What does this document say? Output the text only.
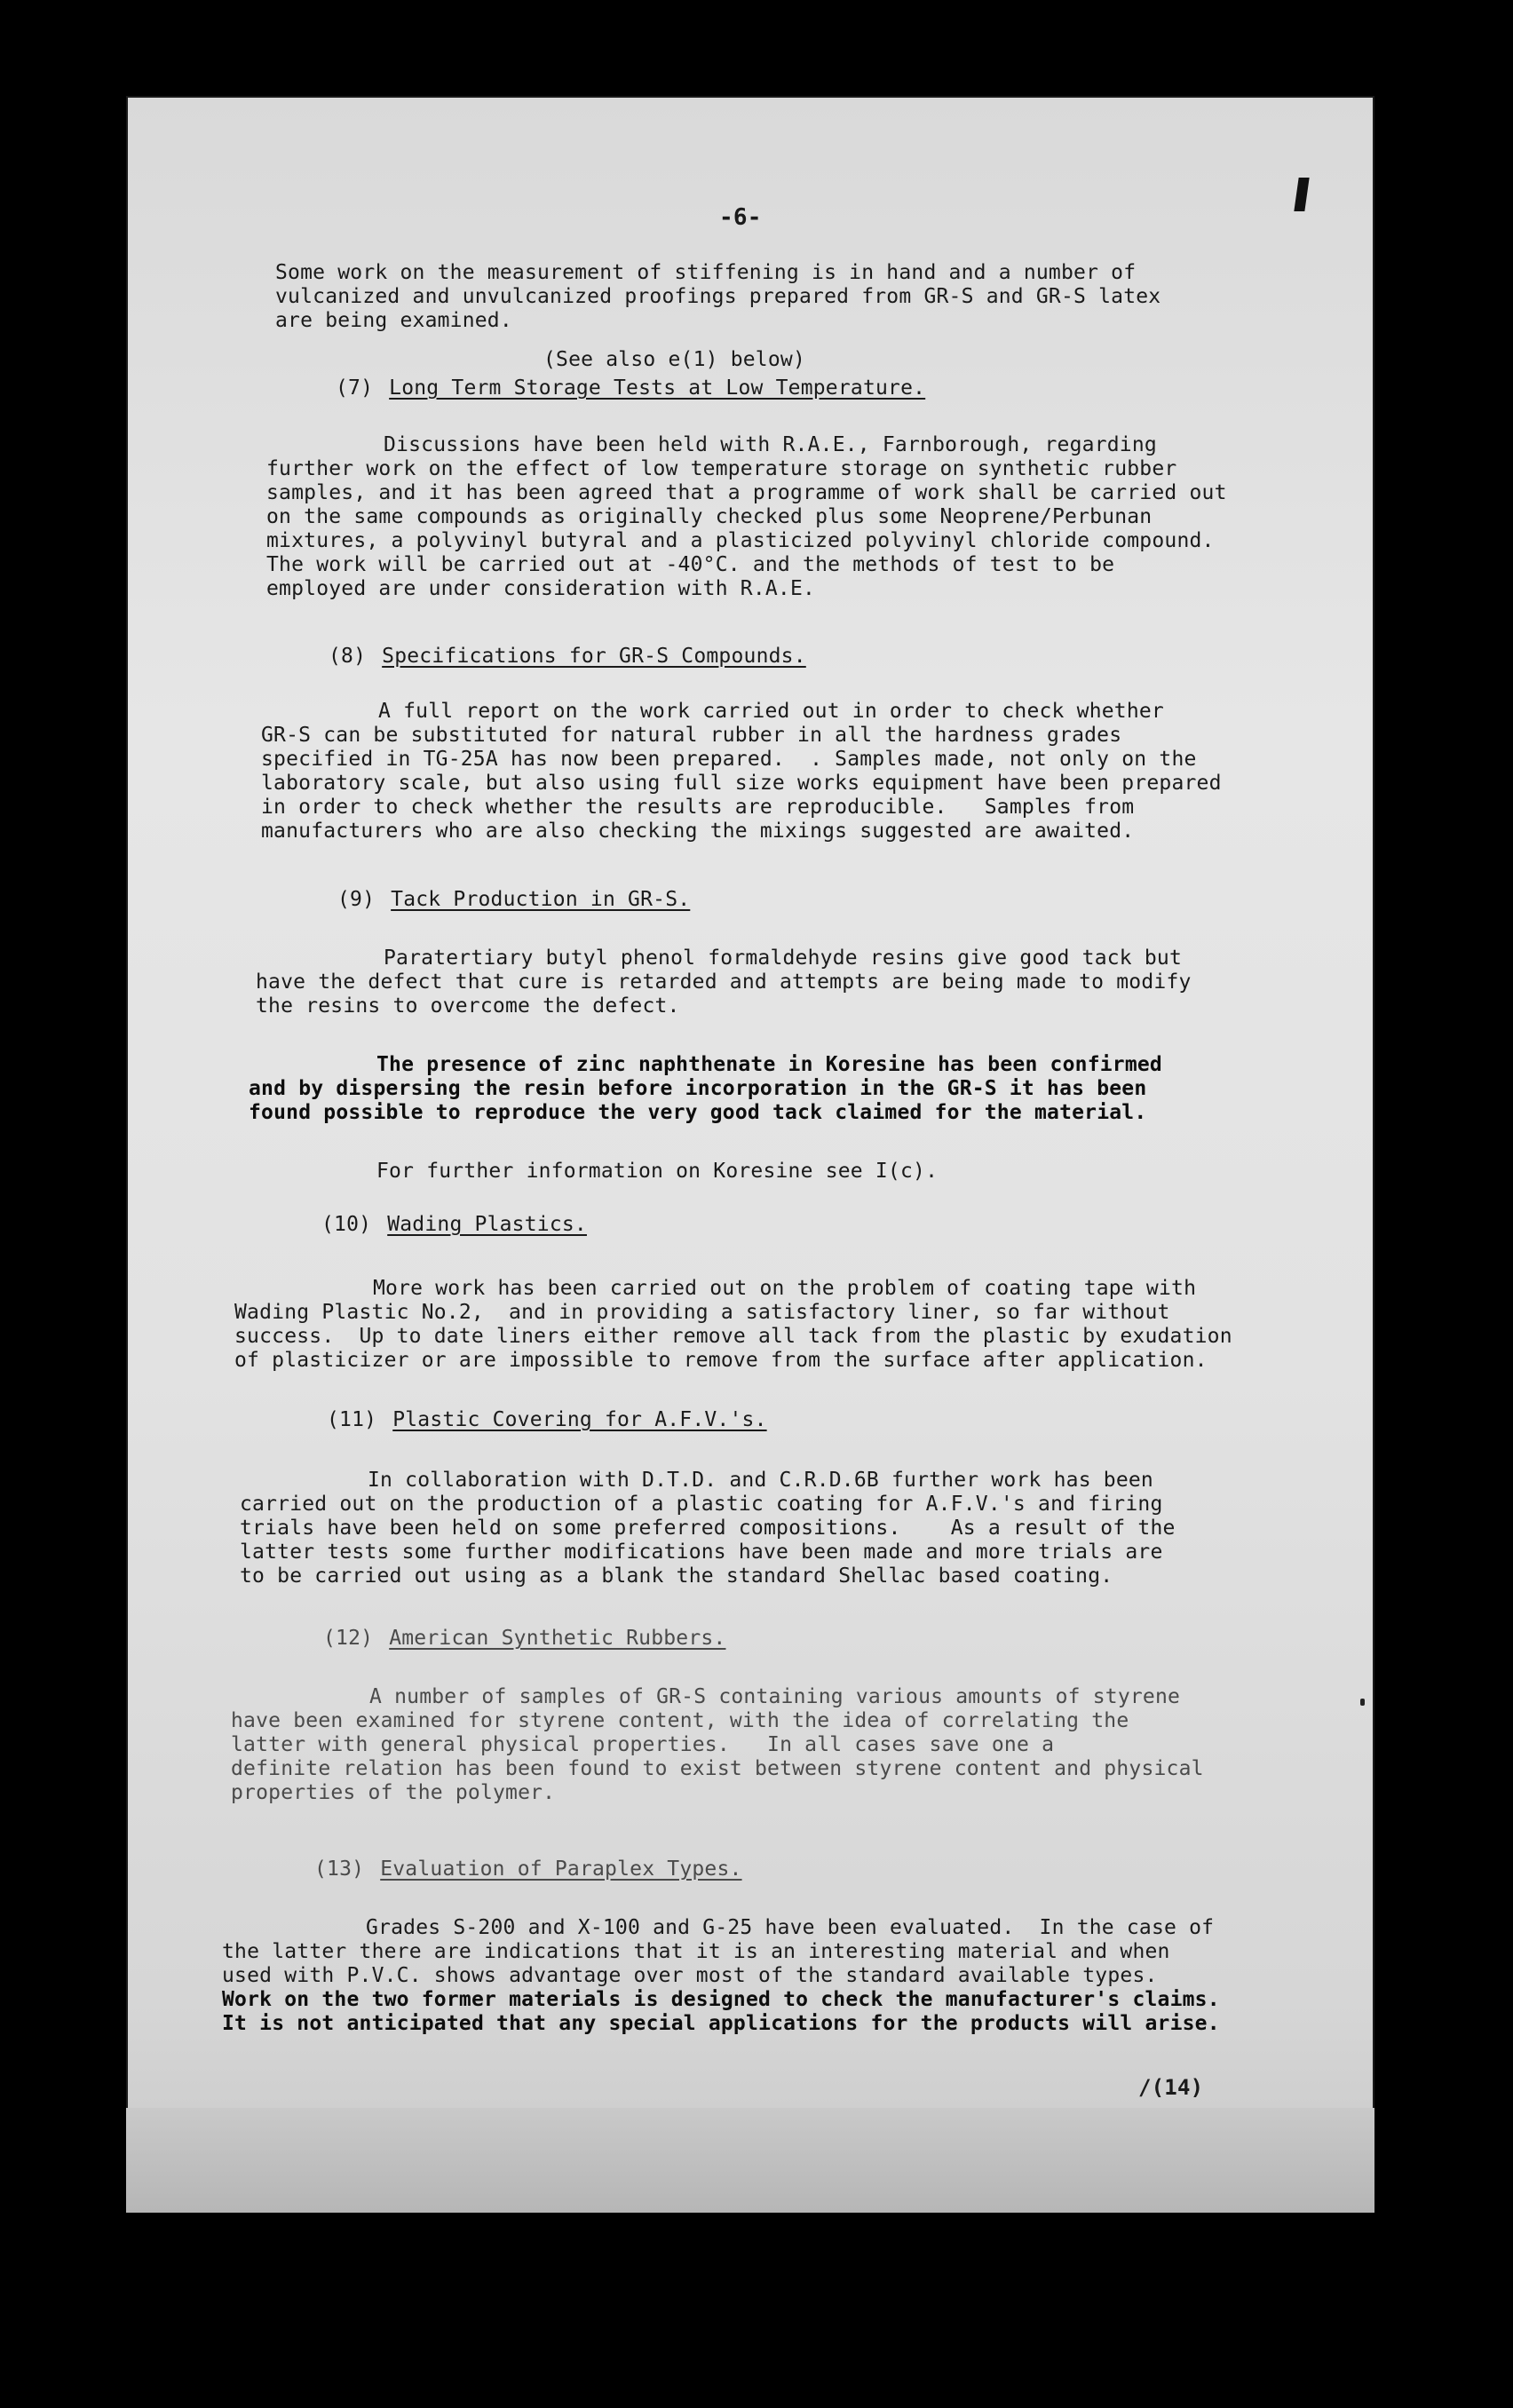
-6-

Some work on the measurement of stiffening is in hand and a number of
vulcanized and unvulcanized proofings prepared from GR-S and GR-S latex
are being examined.

(See also e(1) below)
(7) Long Term Storage Tests at Low Temperature.

Discussions have been held with R.A.E., Farnborough, regarding
further work on the effect of low temperature storage on synthetic rubber
samples, and it has been agreed that a programme of work shall be carried out
on the same compounds as originally checked plus some Neoprene/Perbunan
mixtures, a polyvinyl butyral and a plasticized polyvinyl chloride compound.
The work will be carried out at -40°C. and the methods of test to be
employed are under consideration with R.A.E.

(8) Specifications for GR-S Compounds.

A full report on the work carried out in order to check whether
GR-S can be substituted for natural rubber in all the hardness grades
specified in TG-25A has now been prepared.  . Samples made, not only on the
laboratory scale, but also using full size works equipment have been prepared
in order to check whether the results are reproducible.   Samples from
manufacturers who are also checking the mixings suggested are awaited.

(9) Tack Production in GR-S.

Paratertiary butyl phenol formaldehyde resins give good tack but
have the defect that cure is retarded and attempts are being made to modify
the resins to overcome the defect.

The presence of zinc naphthenate in Koresine has been confirmed
and by dispersing the resin before incorporation in the GR-S it has been
found possible to reproduce the very good tack claimed for the material.

For further information on Koresine see I(c).

(10) Wading Plastics.

More work has been carried out on the problem of coating tape with
Wading Plastic No.2,  and in providing a satisfactory liner, so far without
success.  Up to date liners either remove all tack from the plastic by exudation
of plasticizer or are impossible to remove from the surface after application.

(11) Plastic Covering for A.F.V.'s.

In collaboration with D.T.D. and C.R.D.6B further work has been
carried out on the production of a plastic coating for A.F.V.'s and firing
trials have been held on some preferred compositions.    As a result of the
latter tests some further modifications have been made and more trials are
to be carried out using as a blank the standard Shellac based coating.

(12) American Synthetic Rubbers.

A number of samples of GR-S containing various amounts of styrene
have been examined for styrene content, with the idea of correlating the
latter with general physical properties.   In all cases save one a
definite relation has been found to exist between styrene content and physical
properties of the polymer.

(13) Evaluation of Paraplex Types.

Grades S-200 and X-100 and G-25 have been evaluated.  In the case of
the latter there are indications that it is an interesting material and when
used with P.V.C. shows advantage over most of the standard available types.
Work on the two former materials is designed to check the manufacturer's claims.
It is not anticipated that any special applications for the products will arise.

/(14)
